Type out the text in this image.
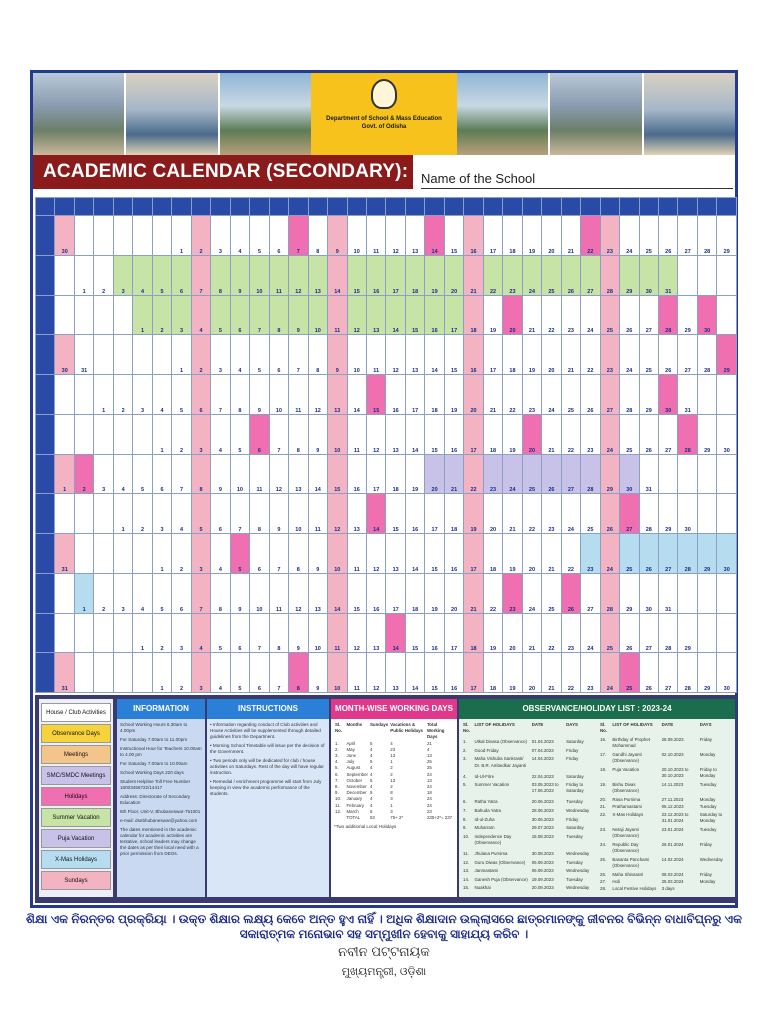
Department of School & Mass Education
Govt. of Odisha
ACADEMIC CALENDAR (SECONDARY): Name of the School

	30						1	2	3	4	5	6	7	8	9	10	11	12	13	14	15	16	17	18	19	20	21	22	23	24	25	26	27	28	29

		1	2	3	4	5	6	7	8	9	10	11	12	13	14	15	16	17	18	19	20	21	22	23	24	25	26	27	28	29	30	31			

					1	2	3	4	5	6	7	8	9	10	11	12	13	14	15	16	17	18	19	20	21	22	23	24	25	26	27	28	29	30	

	30	31					1	2	3	4	5	6	7	8	9	10	11	12	13	14	15	16	17	18	19	20	21	22	23	24	25	26	27	28	29

			1	2	3	4	5	6	7	8	9	10	11	12	13	14	15	16	17	18	19	20	21	22	23	24	25	26	27	28	29	30	31		

						1	2	3	4	5	6	7	8	9	10	11	12	13	14	15	16	17	18	19	20	21	22	23	24	25	26	27	28	29	30

	1	2	3	4	5	6	7	8	9	10	11	12	13	14	15	16	17	18	19	20	21	22	23	24	25	26	27	28	29	30	31				

				1	2	3	4	5	6	7	8	9	10	11	12	13	14	15	16	17	18	19	20	21	22	23	24	25	26	27	28	29	30		

	31					1	2	3	4	5	6	7	8	9	10	11	12	13	14	15	16	17	18	19	20	21	22	23	24	25	26	27	28	29	30

		1	2	3	4	5	6	7	8	9	10	11	12	13	14	15	16	17	18	19	20	21	22	23	24	25	26	27	28	29	30	31			

					1	2	3	4	5	6	7	8	9	10	11	12	13	14	15	16	17	18	19	20	21	22	23	24	25	26	27	28	29		

	31					1	2	3	4	5	6	7	8	9	10	11	12	13	14	15	16	17	18	19	20	21	22	23	24	25	26	27	28	29	30
House / Club Activities
Observance Days
Meetings
SMC/SMDC Meetings
Holidays
Summer Vacation
Puja Vacation
X-Mas Holidays
Sundays
INFORMATION
School Working Hours 6.30am to 4.00pm
For Saturday 7.00am to 11.00pm
Instructional Hour for Teachers 10.00am to 4.00 pm
For Saturday 7.00am to 10.00am
School Working Days 220 days
Student Helpline Toll Free Number 18003456722/14417
Address: Directorate of Secondary Education
6th Floor, Unit-V, Bhubaneswar-751001
e-mail: dsebhubaneswar@yahoo.com
The dates mentioned in the academic calendar for academic activities are tentative, school leaders may change the dates as per their local need with a prior permission from DEOs.
INSTRUCTIONS
• Information regarding conduct of Club activities and House Activities will be supplemented through detailed guidelines from the Department.
• Morning School Timetable will issue per the decision of the Government.
• Two periods only will be dedicated for club / house activities on Saturdays. Rest of the day will have regular instruction.
• Remedial / enrichment programme will start from July keeping in view the academic performance of the students.
MONTH-WISE WORKING DAYS
Sl. No.	Months	Sundays	Vacations & Public Holidays	Total Working Days
1.	April	5	4	21
2.	May	4	23	4
3.	June	4	13	13
4.	July	5	1	25
5.	August	4	2	25
6.	September	4	2	24
7.	October	5	13	13
8.	November	4	2	24
9.	December	5	8	18
10.	January	4	3	24
11.	February	4	1	24
12.	March	5	3	23
	TOTAL	53	75+ 2*	235+2*= 237
*Two additional Local Holidays
OBSERVANCE/HOLIDAY LIST : 2023-24
Sl. No.	LIST OF HOLIDAYS	DATE	DAYS
1.	Utkal Divasa (Observance)	01.04.2023	Saturday
2.	Good Friday	07.04.2023	Friday
3.	Maha Vishuba Sankranti/ Dr. B.R. Ambedkar Jayanti	14.04.2023	Friday
4.	Id-Ul-Fitre	22.04.2023	Saturday
5.	Summer Vacation	03.05.2023 to 17.06.2023	Friday to Saturday
6.	Ratha Yatra	20.06.2023	Tuesday
7.	Bahuda Yatra	28.06.2023	Wednesday
8.	Id-ul-Zuha	30.06.2023	Friday
9.	Muharram	29.07.2023	Saturday
10.	Independence Day (Observance)	15.08.2023	Tuesday
11.	Jhulana Purnima	30.08.2023	Wednesday
12.	Guru Diwas (Observance)	05.09.2023	Tuesday
13.	Janmastami	06.09.2023	Wednesday
14.	Ganesh Puja (Observance)	19.09.2023	Tuesday
15.	Nuakhai	20.09.2023	Wednesday
Sl. No.	LIST OF HOLIDAYS	DATE	DAYS
16.	Birthday of Prophet Mohammad	28.09.2023	Friday
17.	Gandhi Jayanti (Observance)	02.10.2023	Monday
18.	Puja Vacation	20.10.2023 to 30.10.2023	Friday to Monday
19.	Bishu Divas (Observance)	14.11.2023	Tuesday
20.	Rasa Purnima	27.11.2023	Monday
21.	Prathamastami	05.12.2023	Tuesday
22.	X-Mas Holidays	23.12.2023 to 31.01.2024	Saturday to Monday
23.	Netaji Jayanti (Observance)	23.01.2024	Tuesday
24.	Republic Day (Observance)	26.01.2024	Friday
25.	Basanta Panchami (Observance)	14.02.2024	Wednesday
26.	Maha Shivaratri	08.03.2024	Friday
27.	Holi	25.03.2024	Monday
28.	Local Festive Holidays	3 days	
ଶିକ୍ଷା ଏକ ନିରନ୍ତର ପ୍ରକ୍ରିୟା । ଉକ୍ତ ଶିକ୍ଷାର ଲକ୍ଷ୍ୟ କେବେ ଅନ୍ତ ହୁଏ ନାହିଁ । ଅଧିକ ଶିକ୍ଷାଦାନ ଉଲ୍ଲାସରେ ଛାତ୍ରମାନଙ୍କୁ ଜୀବନର ବିଭିନ୍ନ ବାଧାବିଘ୍ନରୁ ଏକ ସକାରାତ୍ମକ ମନୋଭାବ ସହ ସମ୍ମୁଖୀନ ହେବାକୁ ସାହାଯ୍ୟ କରିବ ।
ନବୀନ ପଟ୍ଟନାୟକ
ମୁଖ୍ୟମନ୍ତ୍ରୀ, ଓଡ଼ିଶା
